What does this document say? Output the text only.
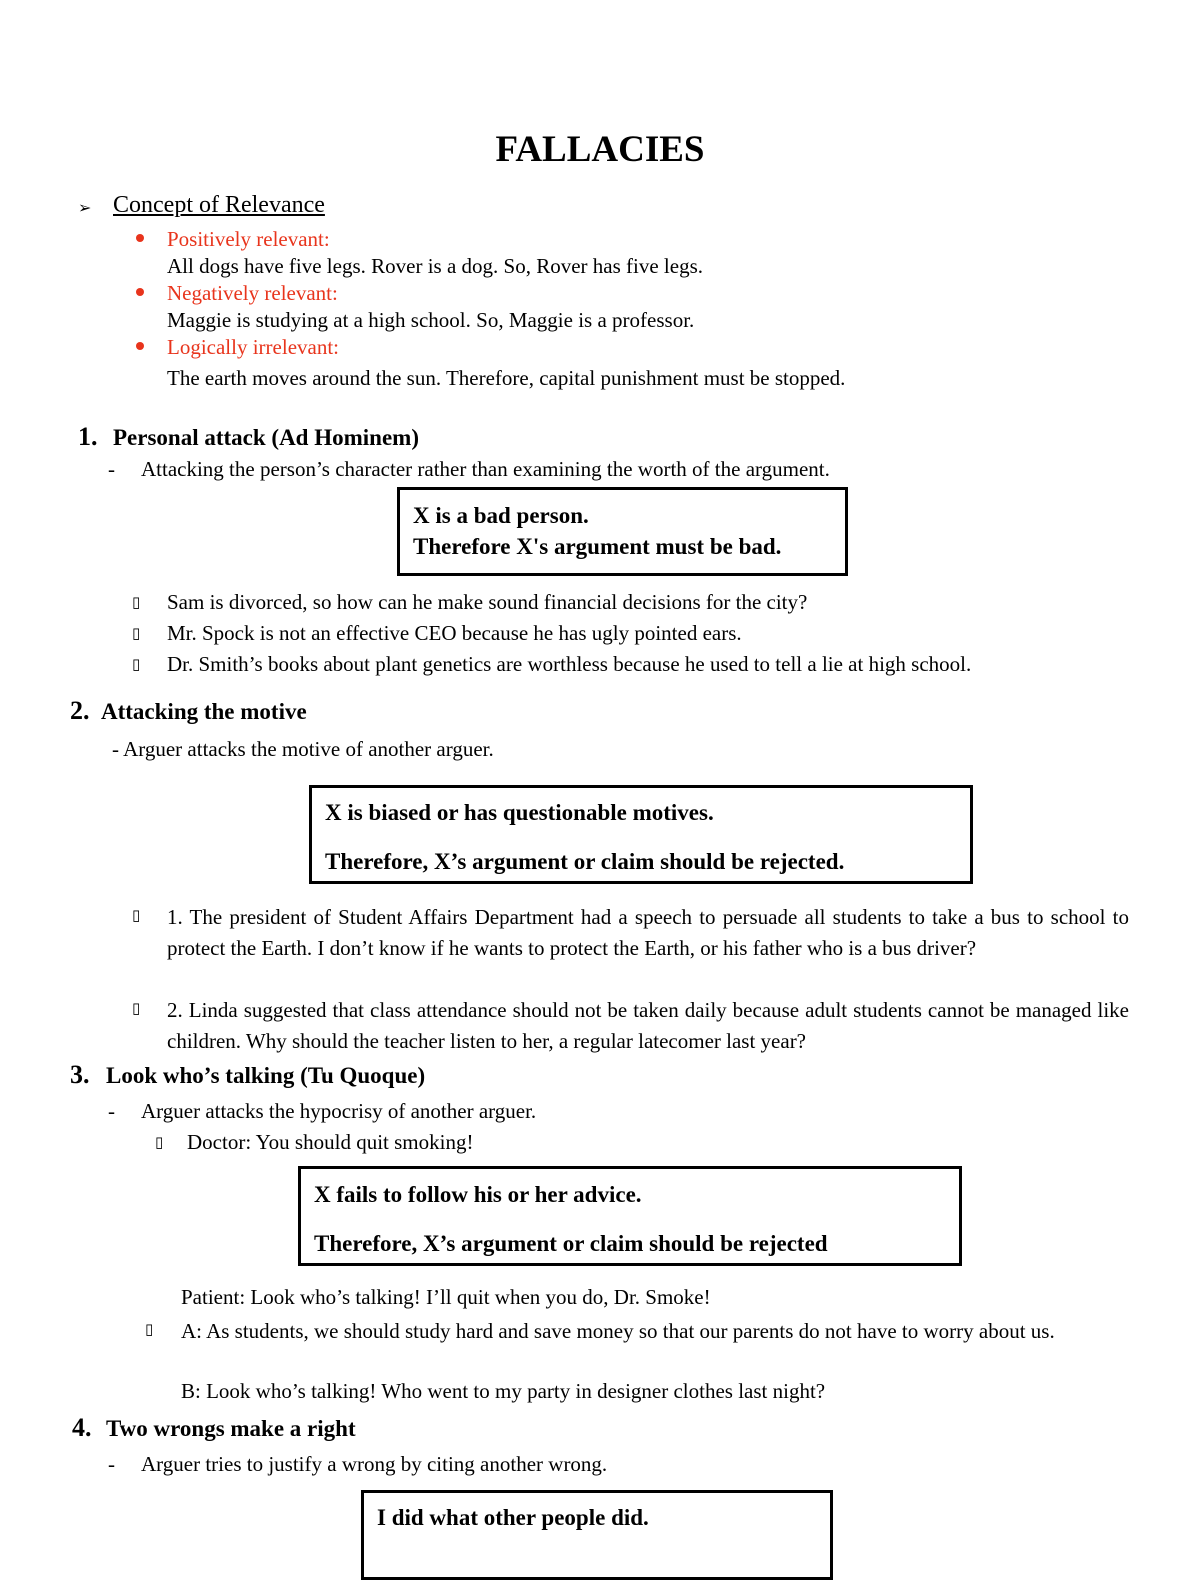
FALLACIES
➢ Concept of Relevance
Positively relevant:
All dogs have five legs. Rover is a dog. So, Rover has five legs.
Negatively relevant:
Maggie is studying at a high school. So, Maggie is a professor.
Logically irrelevant:
The earth moves around the sun. Therefore, capital punishment must be stopped.
1. Personal attack (Ad Hominem)
- Attacking the person’s character rather than examining the worth of the argument.
X is a bad person.
Therefore X's argument must be bad.
▯ Sam is divorced, so how can he make sound financial decisions for the city?
▯ Mr. Spock is not an effective CEO because he has ugly pointed ears.
▯ Dr. Smith’s books about plant genetics are worthless because he used to tell a lie at high school.
2. Attacking the motive
- Arguer attacks the motive of another arguer.
X is biased or has questionable motives.
Therefore, X’s argument or claim should be rejected.
▯ 1. The president of Student Affairs Department had a speech to persuade all students to take a bus to school to protect the Earth. I don’t know if he wants to protect the Earth, or his father who is a bus driver?
▯ 2. Linda suggested that class attendance should not be taken daily because adult students cannot be managed like children. Why should the teacher listen to her, a regular latecomer last year?
3. Look who’s talking (Tu Quoque)
- Arguer attacks the hypocrisy of another arguer.
▯ Doctor: You should quit smoking!
X fails to follow his or her advice.
Therefore, X’s argument or claim should be rejected
Patient: Look who’s talking! I’ll quit when you do, Dr. Smoke!
▯ A: As students, we should study hard and save money so that our parents do not have to worry about us.
B: Look who’s talking! Who went to my party in designer clothes last night?
4. Two wrongs make a right
- Arguer tries to justify a wrong by citing another wrong.
I did what other people did.
